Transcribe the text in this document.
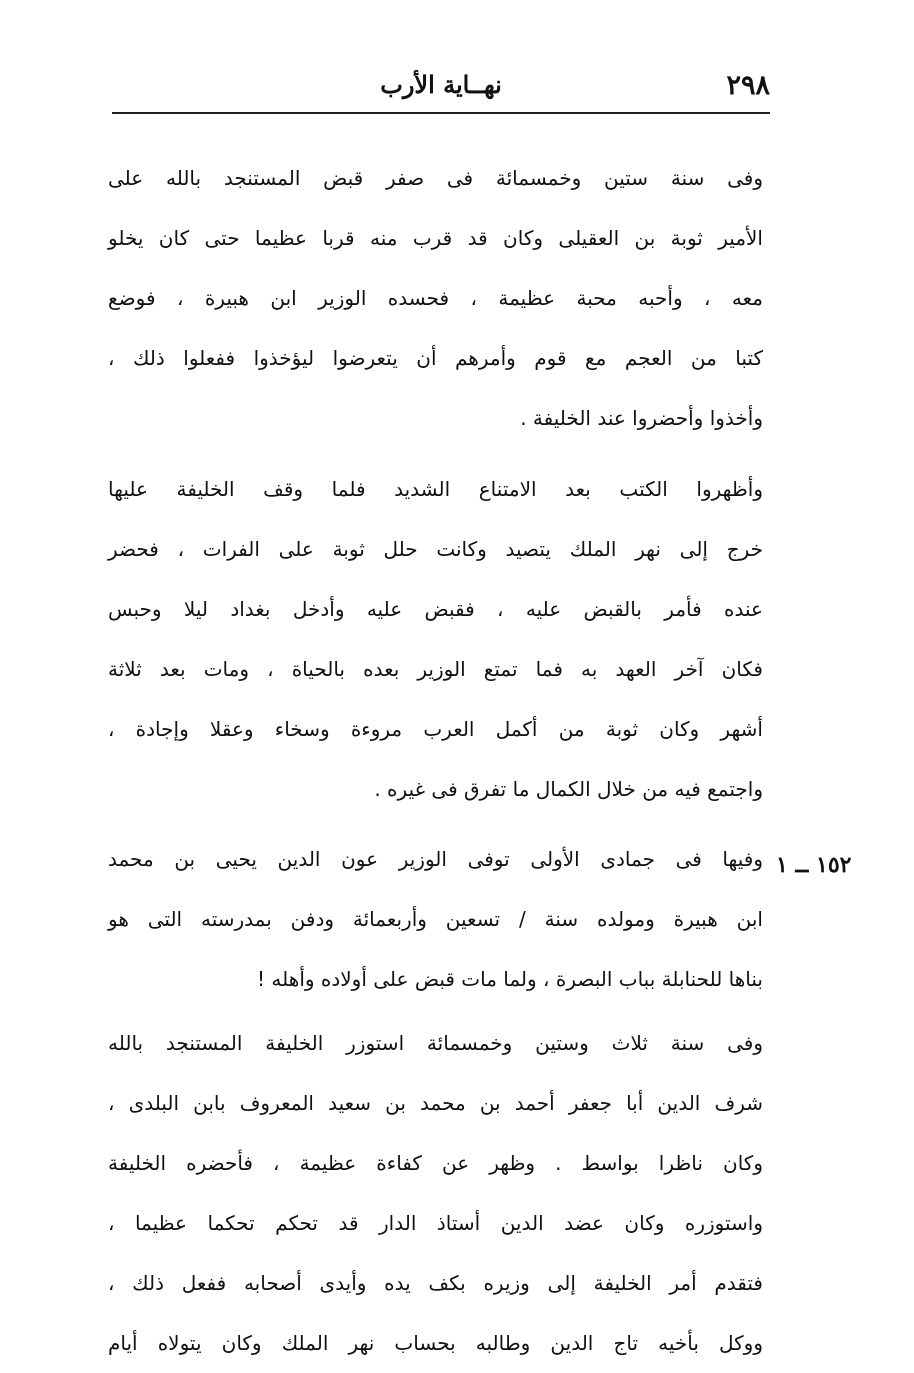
٢٩٨
نهــاية الأرب
١٥٢ ــ ١
وفى سنة ستين وخمسمائة فى صفر قبض المستنجد بالله على
الأمير ثوبة بن العقيلى وكان قد قرب منه قربا عظيما حتى كان يخلو
معه ، وأحبه محبة عظيمة ، فحسده الوزير ابن هبيرة ، فوضع
كتبا من العجم مع قوم وأمرهم أن يتعرضوا ليؤخذوا ففعلوا ذلك ،
وأخذوا وأحضروا عند الخليفة .
وأظهروا الكتب بعد الامتناع الشديد فلما وقف الخليفة عليها
خرج إلى نهر الملك يتصيد وكانت حلل ثوبة على الفرات ، فحضر
عنده فأمر بالقبض عليه ، فقبض عليه وأدخل بغداد ليلا وحبس
فكان آخر العهد به فما تمتع الوزير بعده بالحياة ، ومات بعد ثلاثة
أشهر وكان ثوبة من أكمل العرب مروءة وسخاء وعقلا وإجادة ،
واجتمع فيه من خلال الكمال ما تفرق فى غيره .
وفيها فى جمادى الأولى توفى الوزير عون الدين يحيى بن محمد
ابن هبيرة ومولده سنة / تسعين وأربعمائة ودفن بمدرسته التى هو
بناها للحنابلة بباب البصرة ، ولما مات قبض على أولاده وأهله !
وفى سنة ثلاث وستين وخمسمائة استوزر الخليفة المستنجد بالله
شرف الدين أبا جعفر أحمد بن محمد بن سعيد المعروف بابن البلدى ،
وكان ناظرا بواسط . وظهر عن كفاءة عظيمة ، فأحضره الخليفة
واستوزره وكان عضد الدين أستاذ الدار قد تحكم تحكما عظيما ،
فتقدم أمر الخليفة إلى وزيره بكف يده وأيدى أصحابه ففعل ذلك ،
ووكل بأخيه تاج الدين وطالبه بحساب نهر الملك وكان يتولاه أيام
